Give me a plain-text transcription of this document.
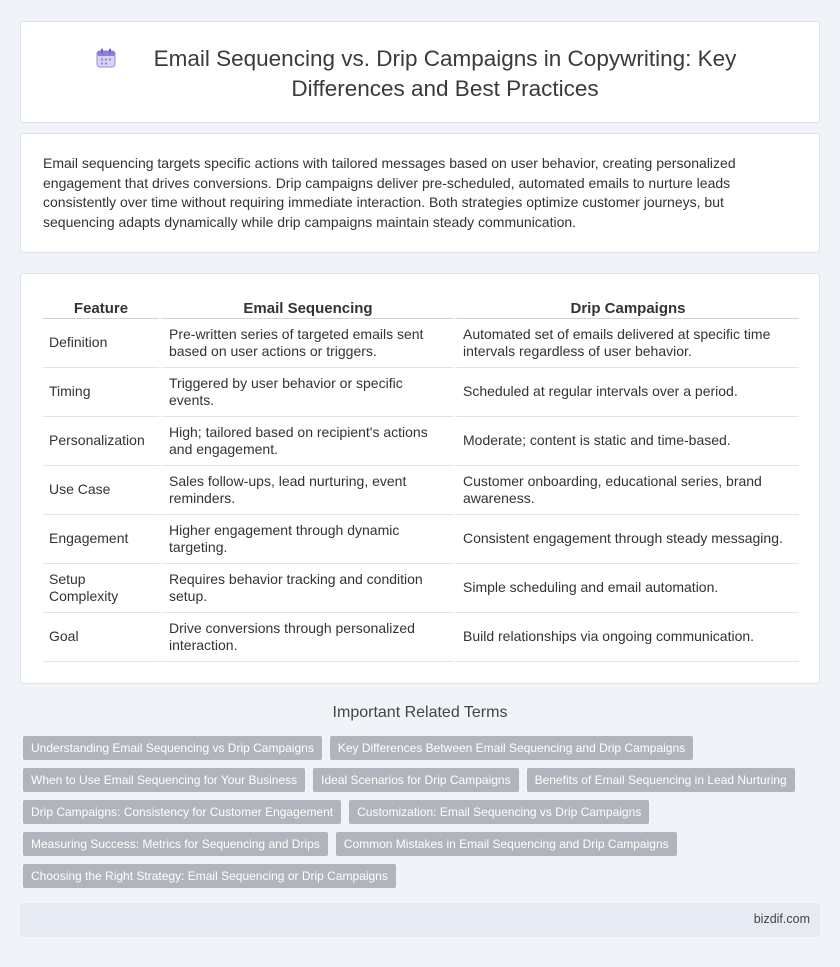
Email Sequencing vs. Drip Campaigns in Copywriting: Key Differences and Best Practices

Email sequencing targets specific actions with tailored messages based on user behavior, creating personalized engagement that drives conversions. Drip campaigns deliver pre-scheduled, automated emails to nurture leads consistently over time without requiring immediate interaction. Both strategies optimize customer journeys, but sequencing adapts dynamically while drip campaigns maintain steady communication.

Feature	Email Sequencing	Drip Campaigns
Definition	Pre-written series of targeted emails sent based on user actions or triggers.	Automated set of emails delivered at specific time intervals regardless of user behavior.
Timing	Triggered by user behavior or specific events.	Scheduled at regular intervals over a period.
Personalization	High; tailored based on recipient's actions and engagement.	Moderate; content is static and time-based.
Use Case	Sales follow-ups, lead nurturing, event reminders.	Customer onboarding, educational series, brand awareness.
Engagement	Higher engagement through dynamic targeting.	Consistent engagement through steady messaging.
Setup Complexity	Requires behavior tracking and condition setup.	Simple scheduling and email automation.
Goal	Drive conversions through personalized interaction.	Build relationships via ongoing communication.
Important Related Terms
Understanding Email Sequencing vs Drip Campaigns	Key Differences Between Email Sequencing and Drip Campaigns
When to Use Email Sequencing for Your Business	Ideal Scenarios for Drip Campaigns	Benefits of Email Sequencing in Lead Nurturing
Drip Campaigns: Consistency for Customer Engagement	Customization: Email Sequencing vs Drip Campaigns
Measuring Success: Metrics for Sequencing and Drips	Common Mistakes in Email Sequencing and Drip Campaigns
Choosing the Right Strategy: Email Sequencing or Drip Campaigns
bizdif.com
